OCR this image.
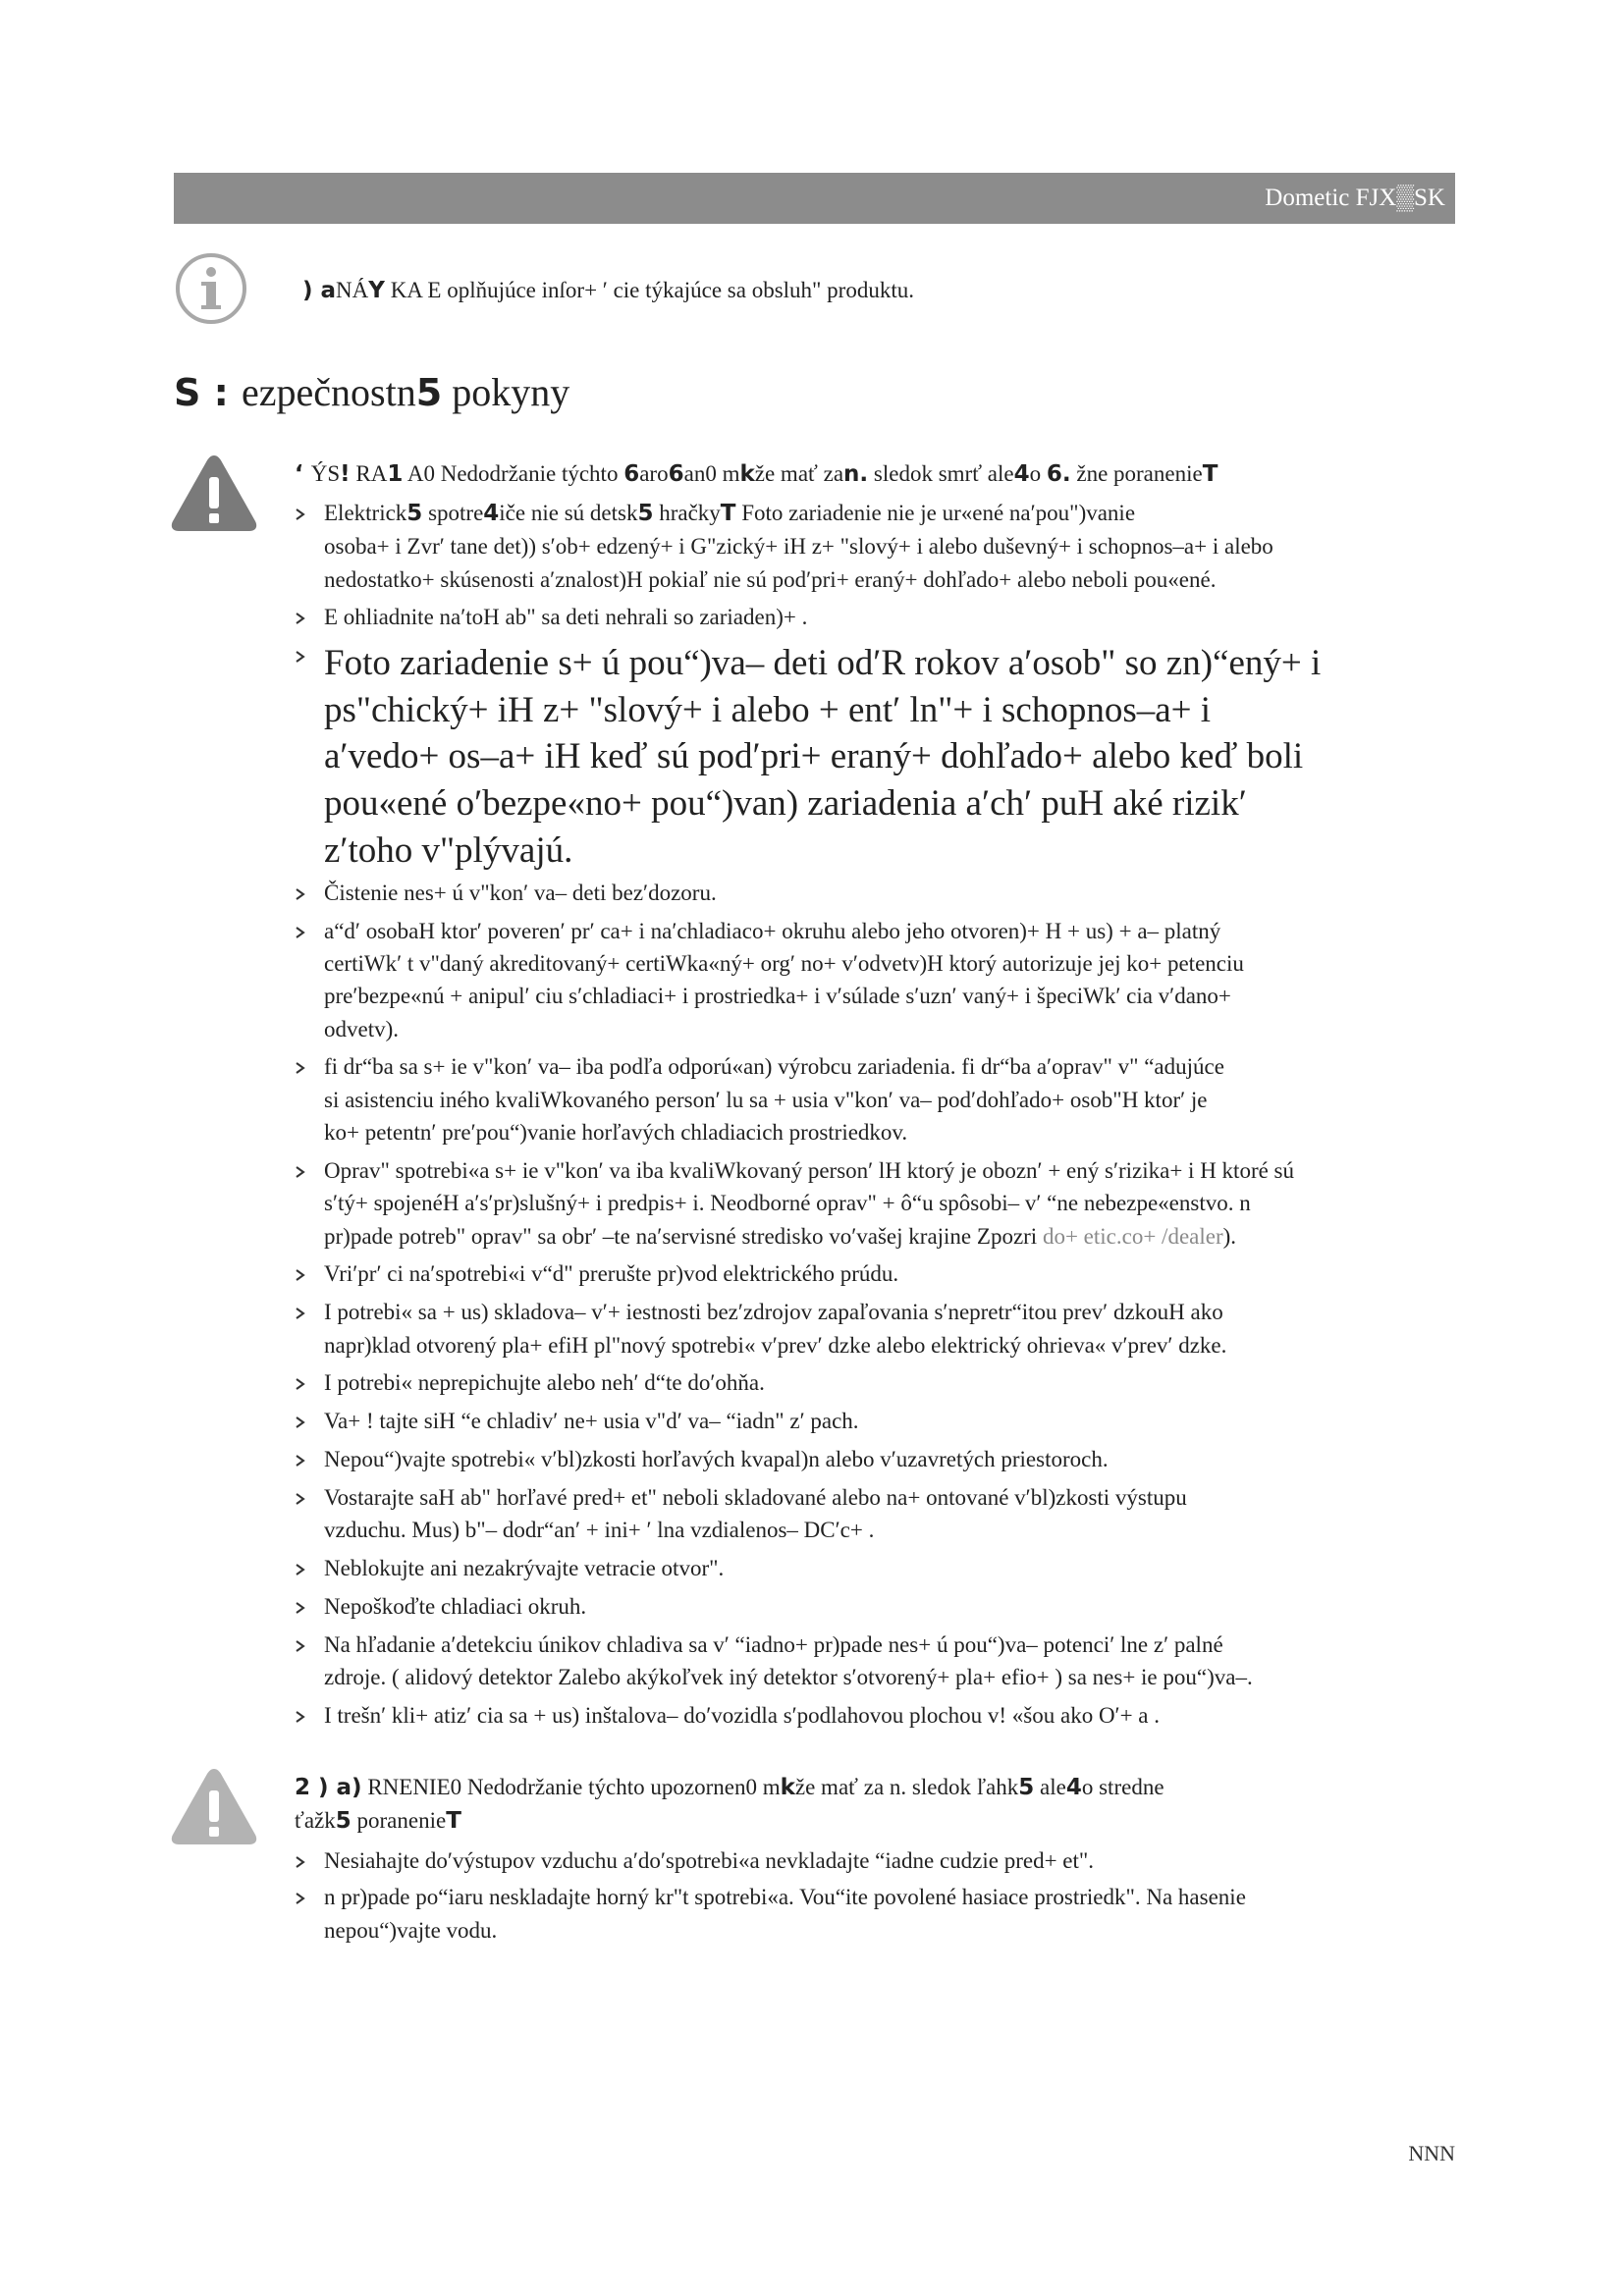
Dometic FJX▒SK
) aNÁY KA E oplňujúce inſor+ ′ cie týkajúce sa obsluh" produktu.
S : ezpečnostn5 pokyny
‘ ÝS! RA1 A0 Nedodržanie týchto 6aro6an0 mkže mať zan. sledok smrť ale4o 6. žne poranenieT
Elektrick5 spotre4iče nie sú detsk5 hračkyT Foto zariadenie nie je ur«ené na′pou")vanie
osoba+ i Zvr′ tane det)) s′ob+ edzený+ i G"zický+ iH z+ "slový+ i alebo duševný+ i schopnos–a+ i alebo
nedostatko+ skúsenosti a′znalost)H pokiaľ nie sú pod′pri+ eraný+ dohľado+ alebo neboli pou«ené.
E ohliadnite na′toH ab" sa deti nehrali so zariaden)+ .
Foto zariadenie s+ ú pou“)va– deti od′R rokov a′osob" so zn)“ený+ i
ps"chický+ iH z+ "slový+ i alebo + ent′ ln"+ i schopnos–a+ i
a′vedo+ os–a+ iH keď sú pod′pri+ eraný+ dohľado+ alebo keď boli
pou«ené o′bezpe«no+ pou“)van) zariadenia a′ch′ puH aké rizik′
z′toho v"plývajú.
Čistenie nes+ ú v"kon′ va– deti bez′dozoru.
a“d′ osobaH ktor′ poveren′ pr′ ca+ i na′chladiaco+ okruhu alebo jeho otvoren)+ H + us) + a– platný
certiWk′ t v"daný akreditovaný+ certiWka«ný+ org′ no+ v′odvetv)H ktorý autorizuje jej ko+ petenciu
pre′bezpe«nú + anipul′ ciu s′chladiaci+ i prostriedka+ i v′súlade s′uzn′ vaný+ i špeciWk′ cia v′dano+
odvetv).
fi dr“ba sa s+ ie v"kon′ va– iba podľa odporú«an) výrobcu zariadenia. fi dr“ba a′oprav" v" “adujúce
si asistenciu iného kvaliWkovaného person′ lu sa + usia v"kon′ va– pod′dohľado+ osob"H ktor′ je
ko+ petentn′ pre′pou“)vanie horľavých chladiacich prostriedkov.
Oprav" spotrebi«a s+ ie v"kon′ va iba kvaliWkovaný person′ lH ktorý je obozn′ + ený s′rizika+ i H ktoré sú
s′tý+ spojenéH a′s′pr)slušný+ i predpis+ i. Neodborné oprav" + ô“u spôsobi– v′ “ne nebezpe«enstvo. n
pr)pade potreb" oprav" sa obr′ –te na′servisné stredisko vo′vašej krajine Zpozri do+ etic.co+ /dealer).
Vri′pr′ ci na′spotrebi«i v“d" prerušte pr)vod elektrického prúdu.
I potrebi« sa + us) skladova– v′+ iestnosti bez′zdrojov zapaľovania s′nepretr“itou prev′ dzkouH ako
napr)klad otvorený pla+ efiH pl"nový spotrebi« v′prev′ dzke alebo elektrický ohrieva« v′prev′ dzke.
I potrebi« neprepichujte alebo neh′ d“te do′ohňa.
Va+ ! tajte siH “e chladiv′ ne+ usia v"d′ va– “iadn" z′ pach.
Nepou“)vajte spotrebi« v′bl)zkosti horľavých kvapal)n alebo v′uzavretých priestoroch.
Vostarajte saH ab" horľavé pred+ et" neboli skladované alebo na+ ontované v′bl)zkosti výstupu
vzduchu. Mus) b"– dodr“an′ + ini+ ′ lna vzdialenos– DC′c+ .
Neblokujte ani nezakrývajte vetracie otvor".
Nepoškoďte chladiaci okruh.
Na hľadanie a′detekciu únikov chladiva sa v′ “iadno+ pr)pade nes+ ú pou“)va– potenci′ lne z′ palné
zdroje. ( alidový detektor Zalebo akýkoľvek iný detektor s′otvorený+ pla+ efio+ ) sa nes+ ie pou“)va–.
I trešn′ kli+ atiz′ cia sa + us) inštalova– do′vozidla s′podlahovou plochou v! «šou ako O′+ a .
2 ) a) RNENIE0 Nedodržanie týchto upozornen0 mkže mať za n. sledok ľahk5 ale4o stredne
ťažk5 poranenieT
Nesiahajte do′výstupov vzduchu a′do′spotrebi«a nevkladajte “iadne cudzie pred+ et".
n pr)pade po“iaru neskladajte horný kr"t spotrebi«a. Vou“ite povolené hasiace prostriedk". Na hasenie
nepou“)vajte vodu.
NNN
